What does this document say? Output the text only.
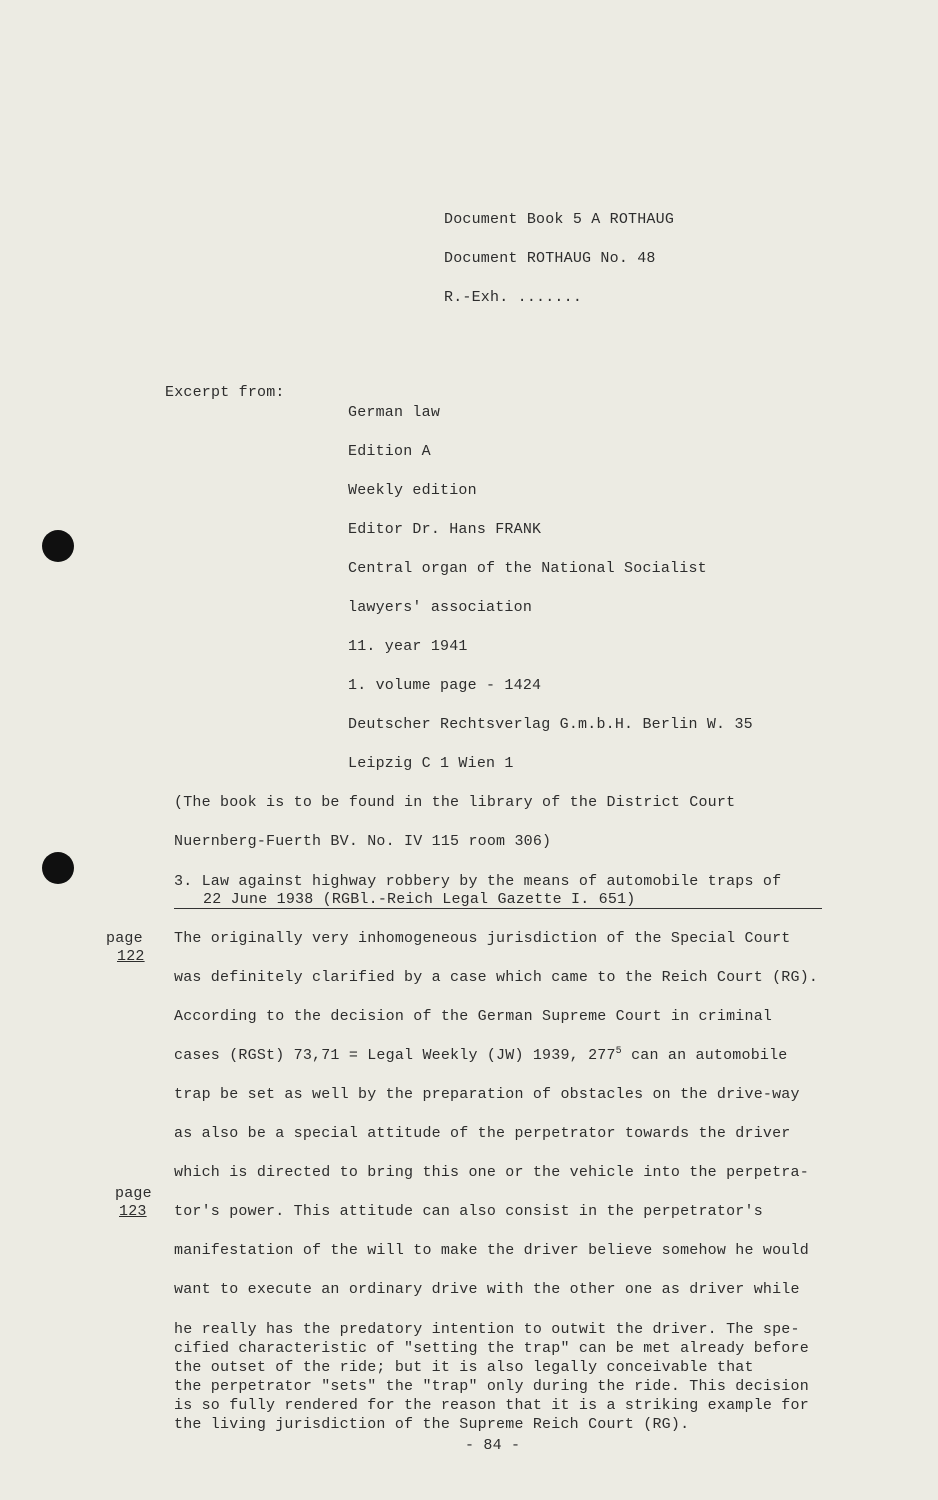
Document Book 5 A ROTHAUG
Document ROTHAUG No. 48
R.-Exh. .......
Excerpt from:
German law
Edition A
Weekly edition
Editor Dr. Hans FRANK
Central organ of the National Socialist
lawyers' association
11. year 1941
1. volume page - 1424
Deutscher Rechtsverlag G.m.b.H. Berlin W. 35
Leipzig C 1 Wien 1
(The book is to be found in the library of the District Court
Nuernberg-Fuerth BV. No. IV 115 room 306)
3. Law against highway robbery by the means of automobile traps of
22 June 1938 (RGBl.-Reich Legal Gazette I. 651)
page
122
page
123
The originally very inhomogeneous jurisdiction of the Special Court
was definitely clarified by a case which came to the Reich Court (RG).
According to the decision of the German Supreme Court in criminal
cases (RGSt) 73,71 = Legal Weekly (JW) 1939, $277^5$ can an automobile
trap be set as well by the preparation of obstacles on the drive-way
as also be a special attitude of the perpetrator towards the driver
which is directed to bring this one or the vehicle into the perpetra-
tor's power. This attitude can also consist in the perpetrator's
manifestation of the will to make the driver believe somehow he would
want to execute an ordinary drive with the other one as driver while
he really has the predatory intention to outwit the driver. The spe-
cified characteristic of "setting the trap" can be met already before
the outset of the ride; but it is also legally conceivable that
the perpetrator "sets" the "trap" only during the ride. This decision
is so fully rendered for the reason that it is a striking example for
the living jurisdiction of the Supreme Reich Court (RG).
- 84 -
